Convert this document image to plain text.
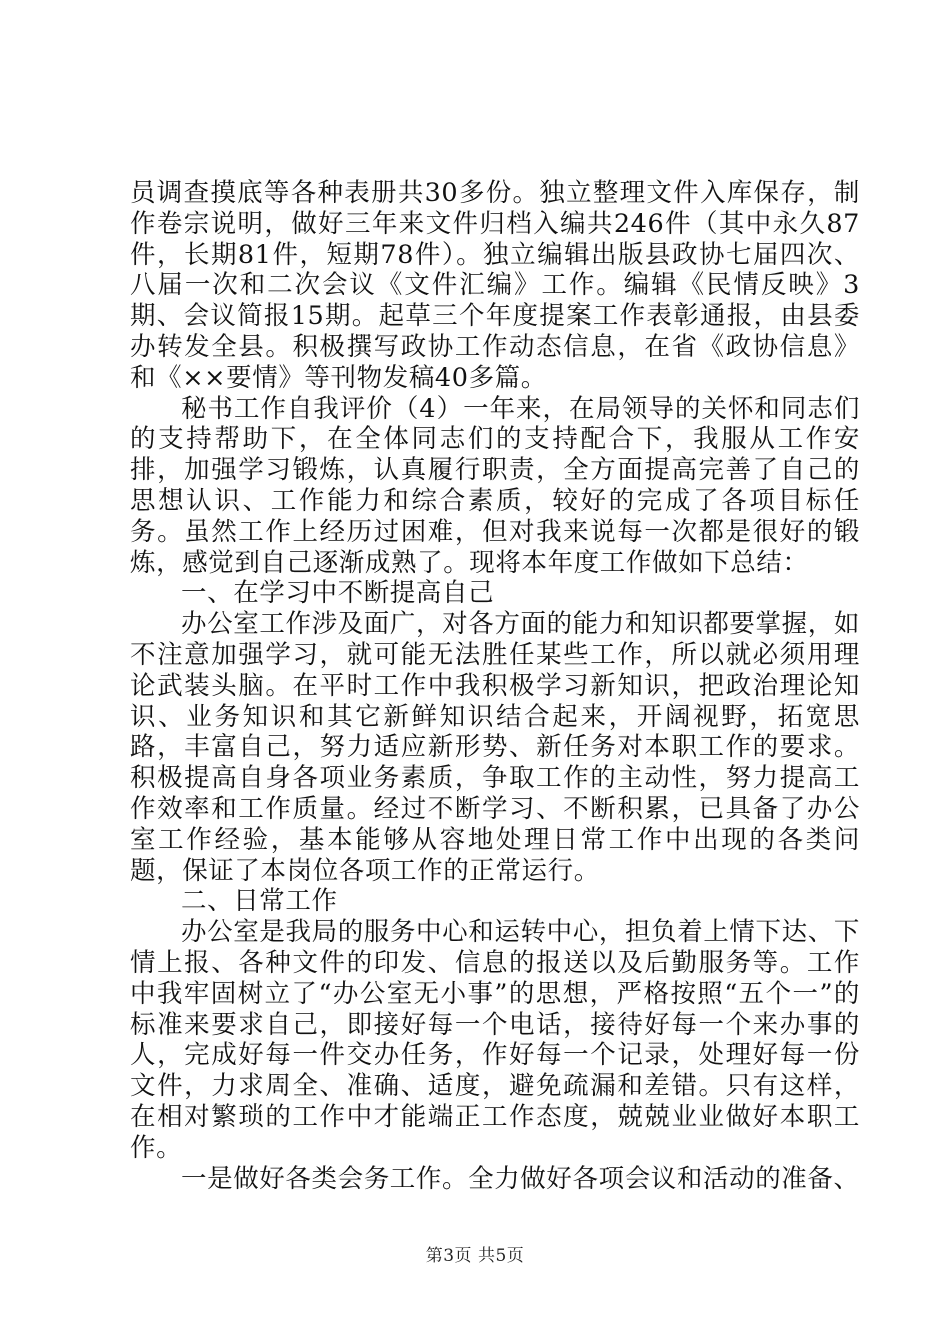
员调查摸底等各种表册共30多份。独立整理文件入库保存，制作卷宗说明，做好三年来文件归档入编共246件（其中永久87件，长期81件，短期78件）。独立编辑出版县政协七届四次、八届一次和二次会议《文件汇编》工作。编辑《民情反映》3期、会议简报15期。起草三个年度提案工作表彰通报，由县委办转发全县。积极撰写政协工作动态信息，在省《政协信息》和《××要情》等刊物发稿40多篇。

秘书工作自我评价（4）一年来，在局领导的关怀和同志们的支持帮助下，在全体同志们的支持配合下，我服从工作安排，加强学习锻炼，认真履行职责，全方面提高完善了自己的思想认识、工作能力和综合素质，较好的完成了各项目标任务。虽然工作上经历过困难，但对我来说每一次都是很好的锻炼，感觉到自己逐渐成熟了。现将本年度工作做如下总结：

一、在学习中不断提高自己

办公室工作涉及面广，对各方面的能力和知识都要掌握，如不注意加强学习，就可能无法胜任某些工作，所以就必须用理论武装头脑。在平时工作中我积极学习新知识，把政治理论知识、业务知识和其它新鲜知识结合起来，开阔视野，拓宽思路，丰富自己，努力适应新形势、新任务对本职工作的要求。积极提高自身各项业务素质，争取工作的主动性，努力提高工作效率和工作质量。经过不断学习、不断积累，已具备了办公室工作经验，基本能够从容地处理日常工作中出现的各类问题，保证了本岗位各项工作的正常运行。

二、日常工作

办公室是我局的服务中心和运转中心，担负着上情下达、下情上报、各种文件的印发、信息的报送以及后勤服务等。工作中我牢固树立了“办公室无小事”的思想，严格按照“五个一”的标准来要求自己，即接好每一个电话，接待好每一个来办事的人，完成好每一件交办任务，作好每一个记录，处理好每一份文件，力求周全、准确、适度，避免疏漏和差错。只有这样，在相对繁琐的工作中才能端正工作态度，兢兢业业做好本职工作。

一是做好各类会务工作。全力做好各项会议和活动的准备、

第3页 共5页
